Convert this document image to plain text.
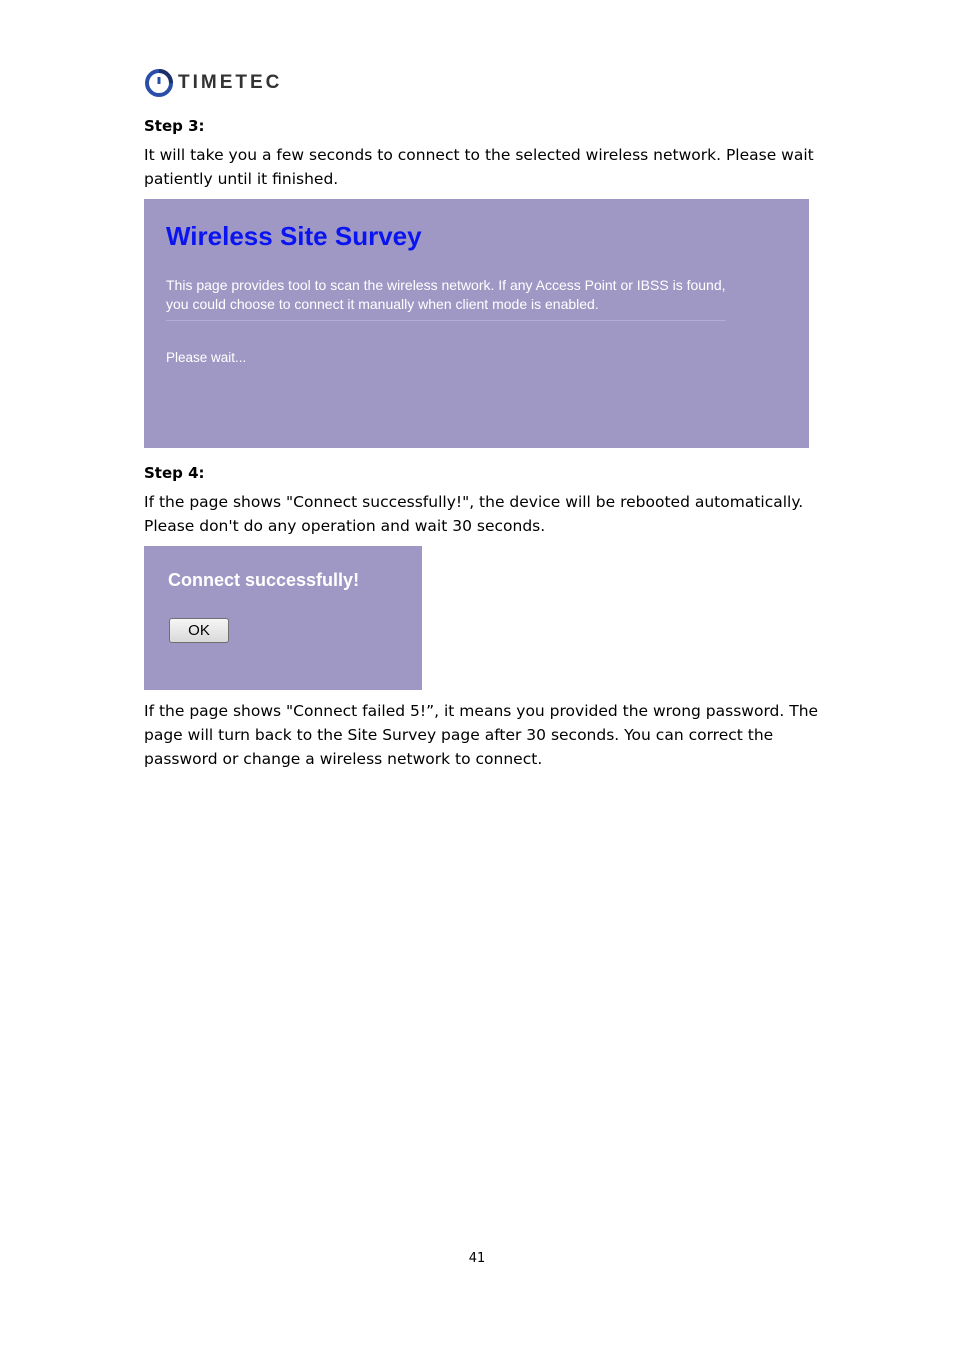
TIMETEC
Step 3:

It will take you a few seconds to connect to the selected wireless network. Please wait patiently until it finished.

Wireless Site Survey

This page provides tool to scan the wireless network. If any Access Point or IBSS is found, you could choose to connect it manually when client mode is enabled.

Please wait...
Step 4:

If the page shows "Connect successfully!", the device will be rebooted automatically. Please don't do any operation and wait 30 seconds.

Connect successfully!
OK

If the page shows "Connect failed 5!”, it means you provided the wrong password. The page will turn back to the Site Survey page after 30 seconds. You can correct the password or change a wireless network to connect.

41
